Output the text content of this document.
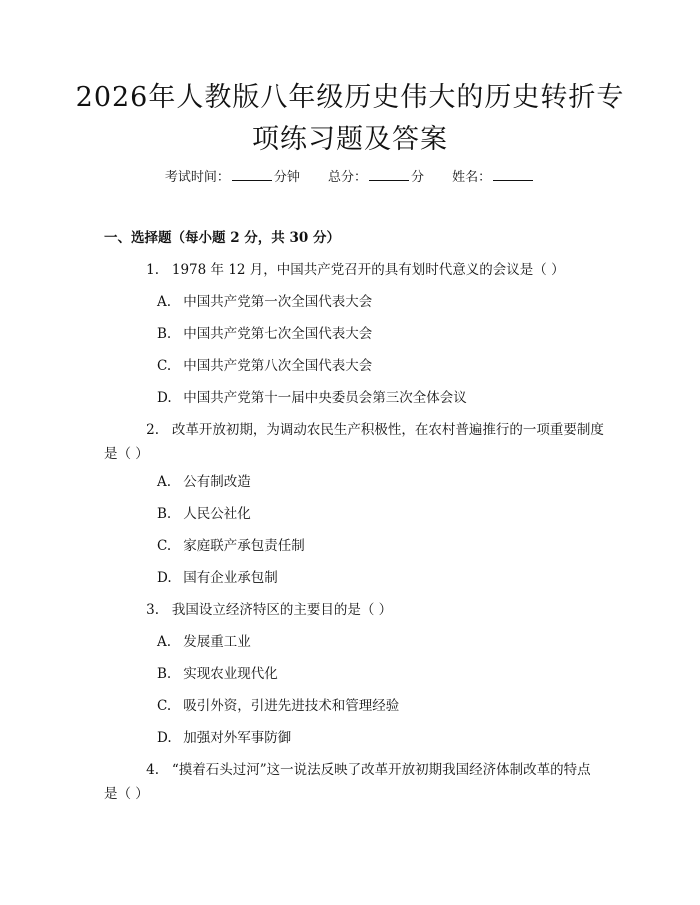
2026年人教版八年级历史伟大的历史转折专
项练习题及答案
考试时间：	分钟 总分：	分 姓名：
一、选择题（每小题 2 分，共 30 分）
1. 1978 年 12 月，中国共产党召开的具有划时代意义的会议是（ ）
A. 中国共产党第一次全国代表大会
B. 中国共产党第七次全国代表大会
C. 中国共产党第八次全国代表大会
D. 中国共产党第十一届中央委员会第三次全体会议
2. 改革开放初期，为调动农民生产积极性，在农村普遍推行的一项重要制度
是（ ）
A. 公有制改造
B. 人民公社化
C. 家庭联产承包责任制
D. 国有企业承包制
3. 我国设立经济特区的主要目的是（ ）
A. 发展重工业
B. 实现农业现代化
C. 吸引外资，引进先进技术和管理经验
D. 加强对外军事防御
4. “摸着石头过河”这一说法反映了改革开放初期我国经济体制改革的特点
是（ ）
